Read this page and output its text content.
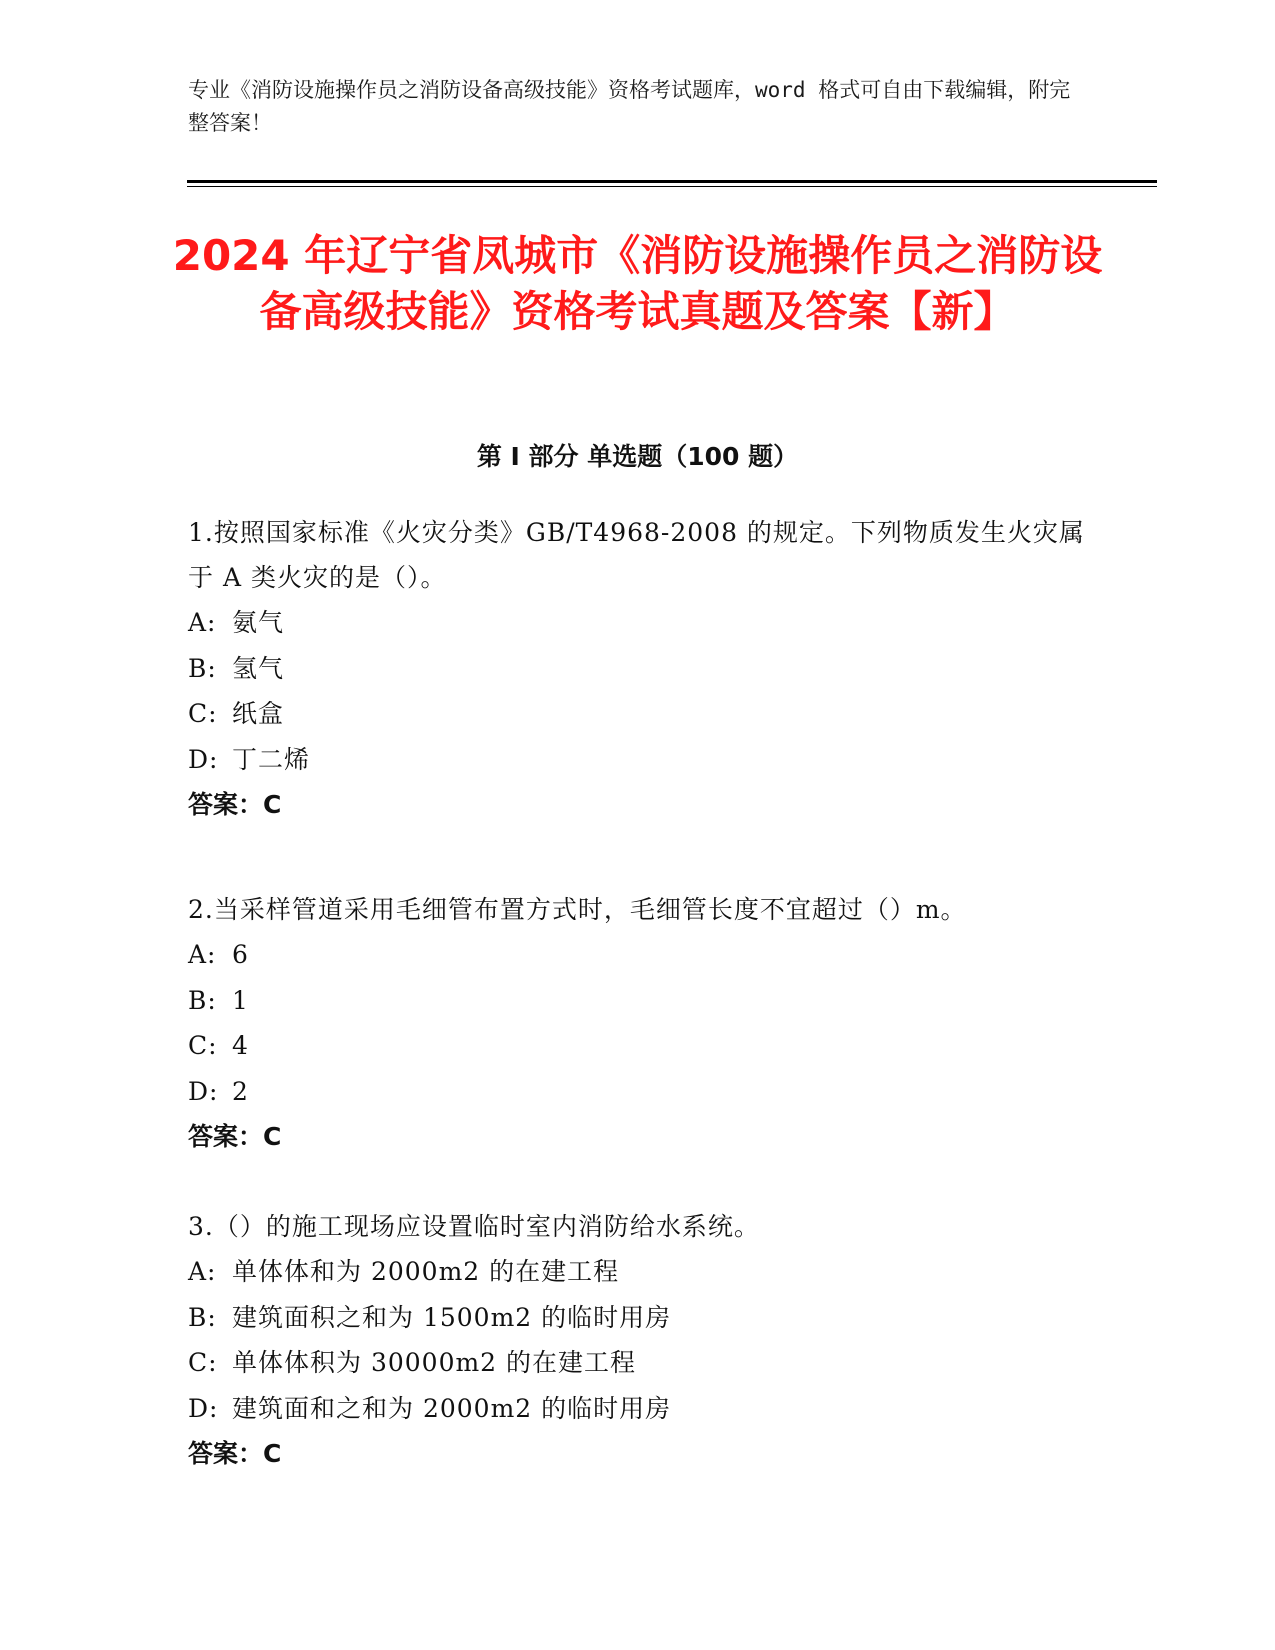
专业《消防设施操作员之消防设备高级技能》资格考试题库，word 格式可自由下载编辑，附完整答案！
2024 年辽宁省凤城市《消防设施操作员之消防设备高级技能》资格考试真题及答案【新】
第 I 部分 单选题（100 题）
1.按照国家标准《火灾分类》GB/T4968-2008 的规定。下列物质发生火灾属于 A 类火灾的是（）。
A: 氨气
B: 氢气
C: 纸盒
D: 丁二烯
答案：C
2.当采样管道采用毛细管布置方式时，毛细管长度不宜超过（）m。
A: 6
B: 1
C: 4
D: 2
答案：C
3.（）的施工现场应设置临时室内消防给水系统。
A: 单体体和为 2000m2 的在建工程
B: 建筑面积之和为 1500m2 的临时用房
C: 单体体积为 30000m2 的在建工程
D: 建筑面和之和为 2000m2 的临时用房
答案：C
